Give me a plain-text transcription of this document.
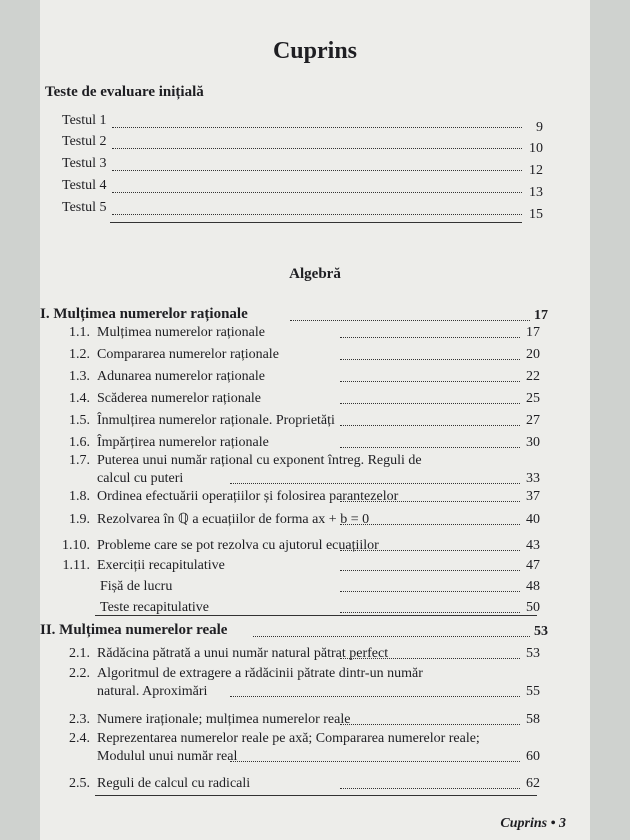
Cuprins
Teste de evaluare inițială
Testul 1	9
Testul 2	10
Testul 3	12
Testul 4	13
Testul 5	15
Algebră
I. Mulțimea numerelor raționale	17
1.1. Mulțimea numerelor raționale	17
1.2. Compararea numerelor raționale	20
1.3. Adunarea numerelor raționale	22
1.4. Scăderea numerelor raționale	25
1.5. Înmulțirea numerelor raționale. Proprietăți	27
1.6. Împărțirea numerelor raționale	30
1.7. Puterea unui număr rațional cu exponent întreg. Reguli de
calcul cu puteri	33
1.8. Ordinea efectuării operațiilor și folosirea parantezelor	37
1.9. Rezolvarea în ℚ a ecuațiilor de forma ax + b = 0	40
1.10. Probleme care se pot rezolva cu ajutorul ecuațiilor	43
1.11. Exerciții recapitulative	47
Fișă de lucru	48
Teste recapitulative	50
II. Mulțimea numerelor reale	53
2.1. Rădăcina pătrată a unui număr natural pătrat perfect	53
2.2. Algoritmul de extragere a rădăcinii pătrate dintr-un număr
natural. Aproximări	55
2.3. Numere iraționale; mulțimea numerelor reale	58
2.4. Reprezentarea numerelor reale pe axă; Compararea numerelor reale;
Modulul unui număr real	60
2.5. Reguli de calcul cu radicali	62
Cuprins • 3
